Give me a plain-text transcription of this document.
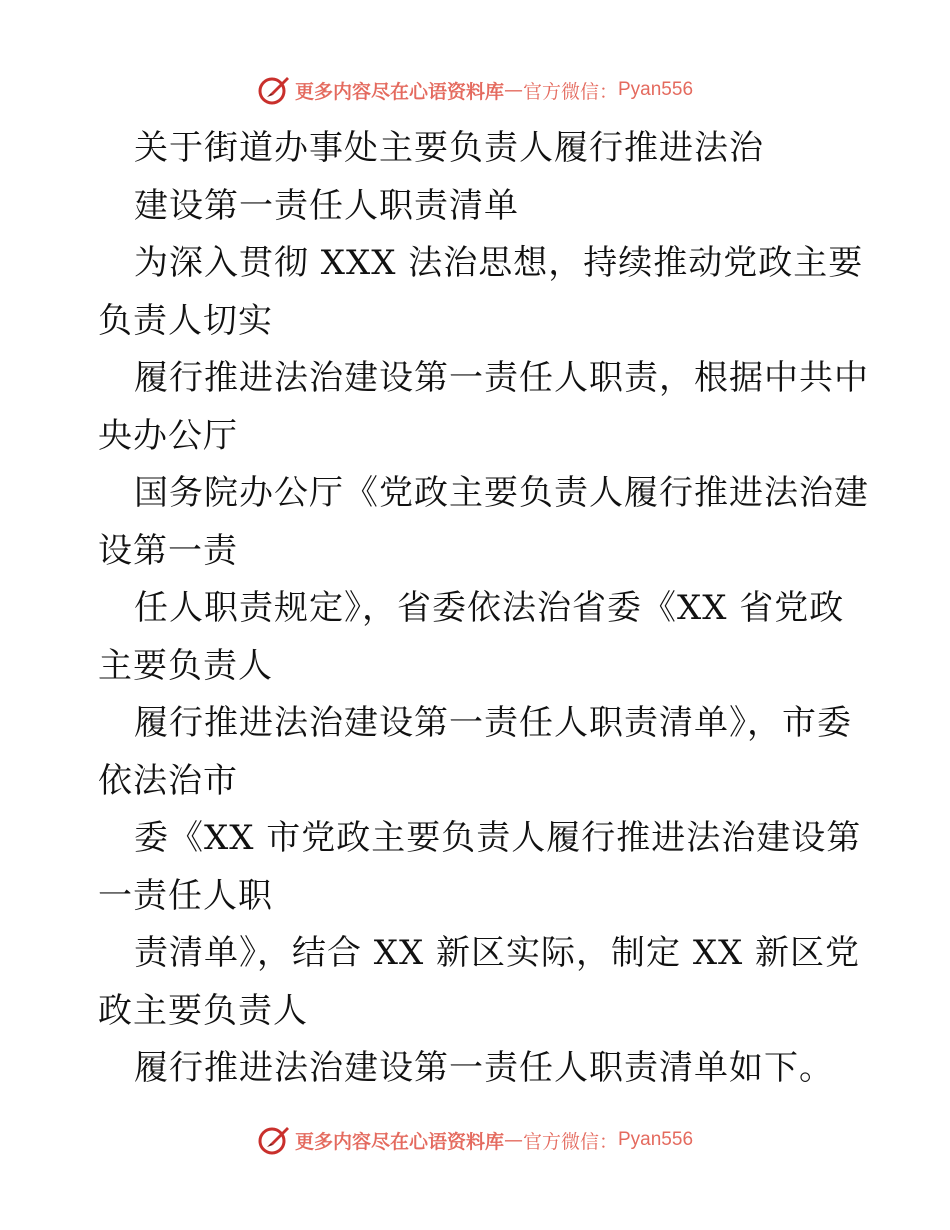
更多内容尽在心语资料库 — 官方微信： Pyan556
关于街道办事处主要负责人履行推进法治
建设第一责任人职责清单
为深入贯彻 XXX 法治思想，持续推动党政主要
负责人切实
履行推进法治建设第一责任人职责，根据中共中
央办公厅
国务院办公厅《党政主要负责人履行推进法治建
设第一责
任人职责规定》，省委依法治省委《XX 省党政
主要负责人
履行推进法治建设第一责任人职责清单》，市委
依法治市
委《XX 市党政主要负责人履行推进法治建设第
一责任人职
责清单》，结合 XX 新区实际，制定 XX 新区党
政主要负责人
履行推进法治建设第一责任人职责清单如下。
更多内容尽在心语资料库 — 官方微信： Pyan556
